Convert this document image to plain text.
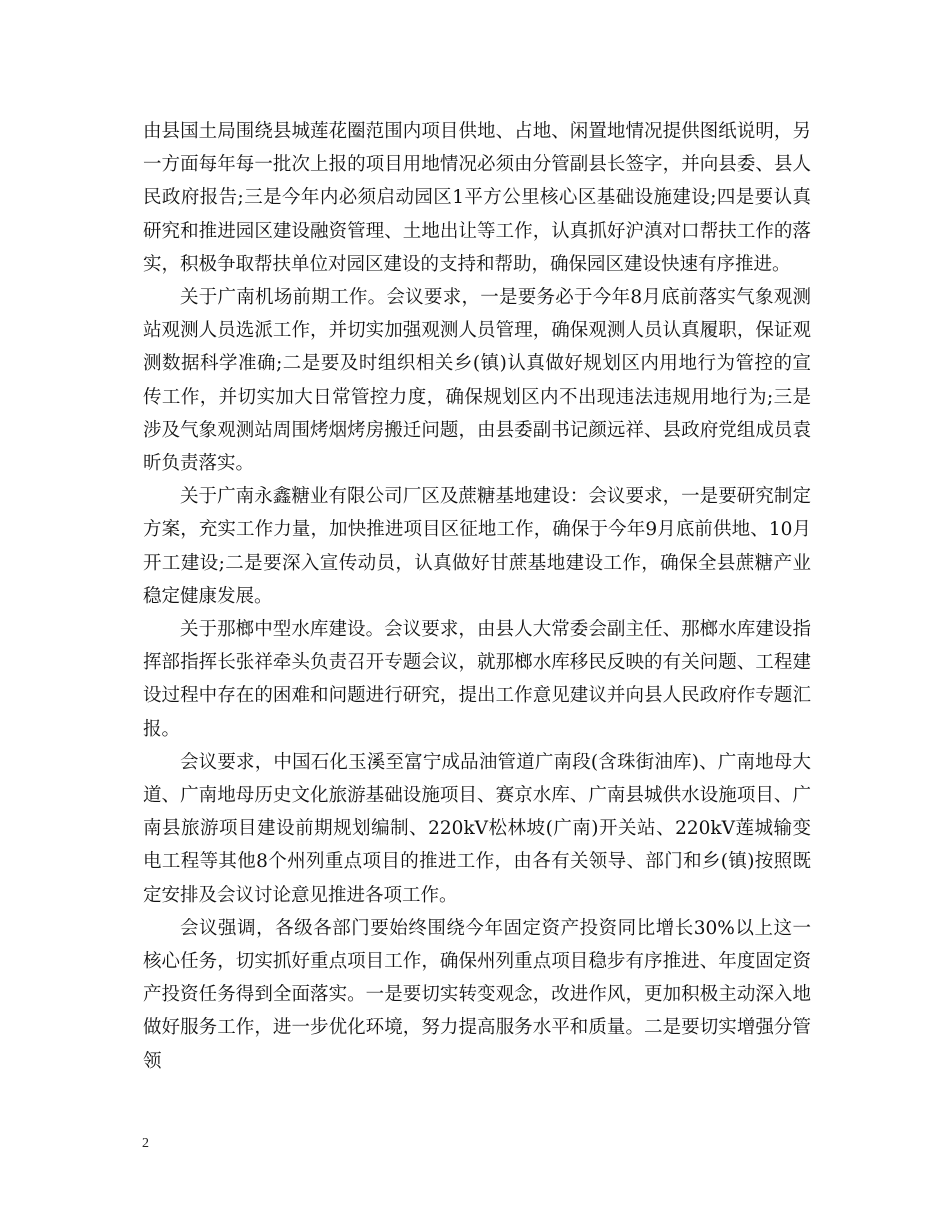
由县国土局围绕县城莲花圈范围内项目供地、占地、闲置地情况提供图纸说明，另一方面每年每一批次上报的项目用地情况必须由分管副县长签字，并向县委、县人民政府报告;三是今年内必须启动园区1平方公里核心区基础设施建设;四是要认真研究和推进园区建设融资管理、土地出让等工作，认真抓好沪滇对口帮扶工作的落实，积极争取帮扶单位对园区建设的支持和帮助，确保园区建设快速有序推进。

关于广南机场前期工作。会议要求，一是要务必于今年8月底前落实气象观测站观测人员选派工作，并切实加强观测人员管理，确保观测人员认真履职，保证观测数据科学准确;二是要及时组织相关乡(镇)认真做好规划区内用地行为管控的宣传工作，并切实加大日常管控力度，确保规划区内不出现违法违规用地行为;三是涉及气象观测站周围烤烟烤房搬迁问题，由县委副书记颜远祥、县政府党组成员袁昕负责落实。

关于广南永鑫糖业有限公司厂区及蔗糖基地建设：会议要求，一是要研究制定方案，充实工作力量，加快推进项目区征地工作，确保于今年9月底前供地、10月开工建设;二是要深入宣传动员，认真做好甘蔗基地建设工作，确保全县蔗糖产业稳定健康发展。

关于那榔中型水库建设。会议要求，由县人大常委会副主任、那榔水库建设指挥部指挥长张祥牵头负责召开专题会议，就那榔水库移民反映的有关问题、工程建设过程中存在的困难和问题进行研究，提出工作意见建议并向县人民政府作专题汇报。

会议要求，中国石化玉溪至富宁成品油管道广南段(含珠街油库)、广南地母大道、广南地母历史文化旅游基础设施项目、赛京水库、广南县城供水设施项目、广南县旅游项目建设前期规划编制、220kV松林坡(广南)开关站、220kV莲城输变电工程等其他8个州列重点项目的推进工作，由各有关领导、部门和乡(镇)按照既定安排及会议讨论意见推进各项工作。

会议强调，各级各部门要始终围绕今年固定资产投资同比增长30%以上这一核心任务，切实抓好重点项目工作，确保州列重点项目稳步有序推进、年度固定资产投资任务得到全面落实。一是要切实转变观念，改进作风，更加积极主动深入地做好服务工作，进一步优化环境，努力提高服务水平和质量。二是要切实增强分管领

2
